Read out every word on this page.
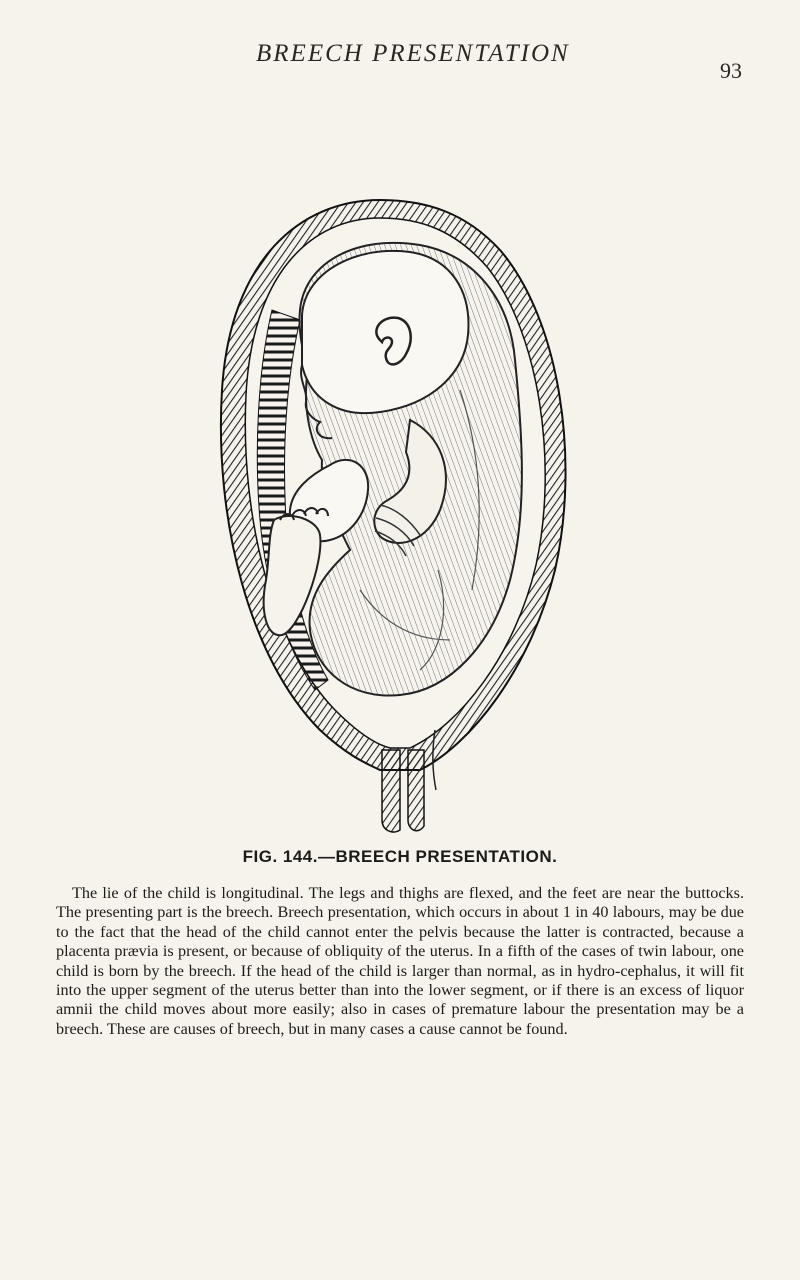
BREECH PRESENTATION
93
FIG. 144.—BREECH PRESENTATION.

The lie of the child is longitudinal. The legs and thighs are flexed, and the feet are near the buttocks. The presenting part is the breech. Breech presentation, which occurs in about 1 in 40 labours, may be due to the fact that the head of the child cannot enter the pelvis because the latter is contracted, because a placenta prævia is present, or because of obliquity of the uterus. In a fifth of the cases of twin labour, one child is born by the breech. If the head of the child is larger than normal, as in hydro-cephalus, it will fit into the upper segment of the uterus better than into the lower segment, or if there is an excess of liquor amnii the child moves about more easily; also in cases of premature labour the presentation may be a breech. These are causes of breech, but in many cases a cause cannot be found.
